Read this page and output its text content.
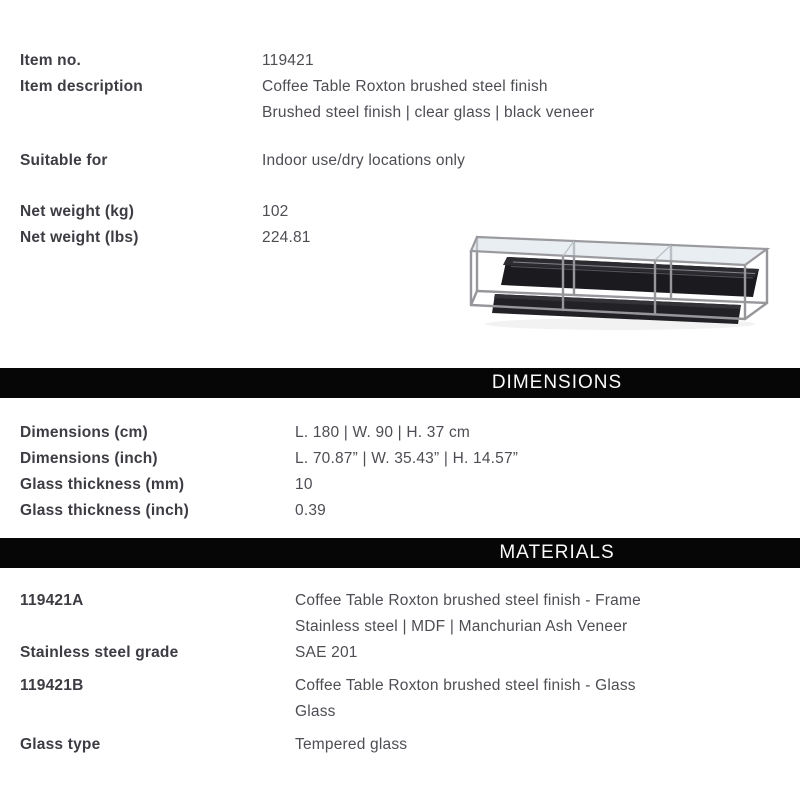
Item no.	119421
Item description	Coffee Table Roxton brushed steel finish
Brushed steel finish | clear glass | black veneer
Suitable for	Indoor use/dry locations only
Net weight (kg)	102
Net weight (lbs)	224.81
DIMENSIONS
Dimensions (cm)	L. 180 | W. 90 | H. 37 cm
Dimensions (inch)	L. 70.87” | W. 35.43” | H. 14.57”
Glass thickness (mm)	10
Glass thickness (inch)	0.39
MATERIALS
119421A	Coffee Table Roxton brushed steel finish - Frame
Stainless steel | MDF | Manchurian Ash Veneer
Stainless steel grade	SAE 201
119421B	Coffee Table Roxton brushed steel finish - Glass
Glass
Glass type	Tempered glass
